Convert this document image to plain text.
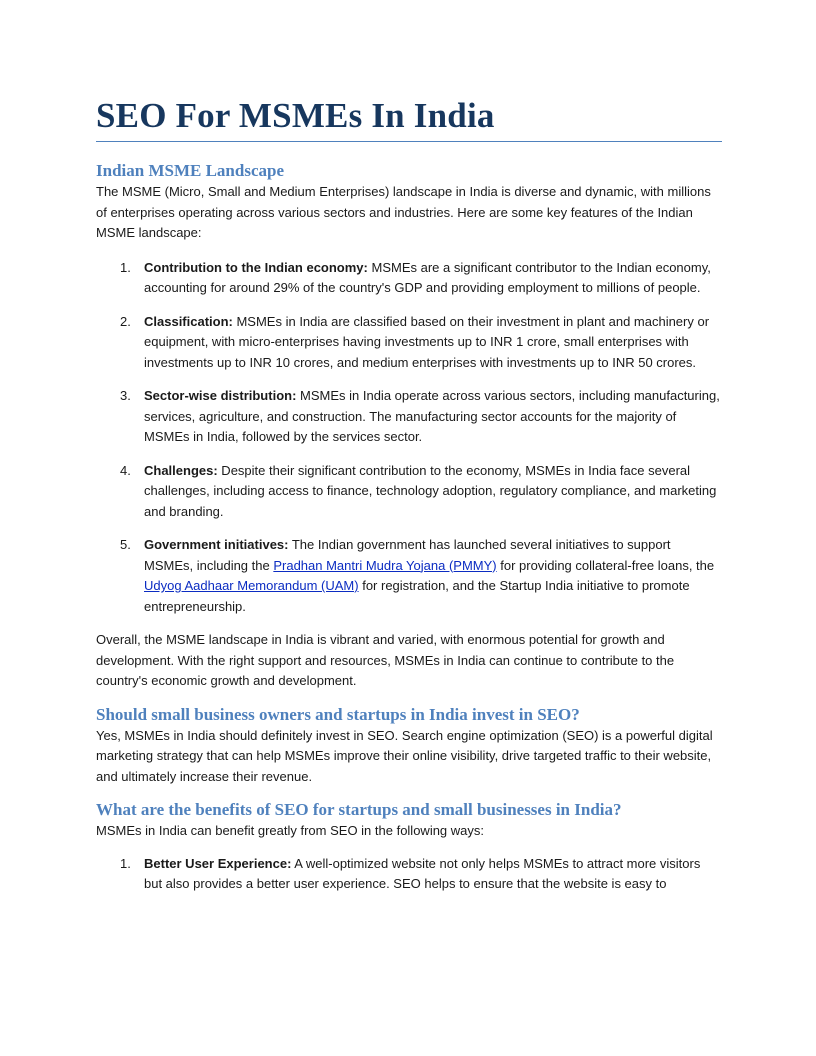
SEO For MSMEs In India
Indian MSME Landscape

The MSME (Micro, Small and Medium Enterprises) landscape in India is diverse and dynamic, with millions of enterprises operating across various sectors and industries. Here are some key features of the Indian MSME landscape:

1. Contribution to the Indian economy: MSMEs are a significant contributor to the Indian economy, accounting for around 29% of the country's GDP and providing employment to millions of people.
2. Classification: MSMEs in India are classified based on their investment in plant and machinery or equipment, with micro-enterprises having investments up to INR 1 crore, small enterprises with investments up to INR 10 crores, and medium enterprises with investments up to INR 50 crores.
3. Sector-wise distribution: MSMEs in India operate across various sectors, including manufacturing, services, agriculture, and construction. The manufacturing sector accounts for the majority of MSMEs in India, followed by the services sector.
4. Challenges: Despite their significant contribution to the economy, MSMEs in India face several challenges, including access to finance, technology adoption, regulatory compliance, and marketing and branding.
5. Government initiatives: The Indian government has launched several initiatives to support MSMEs, including the Pradhan Mantri Mudra Yojana (PMMY) for providing collateral-free loans, the Udyog Aadhaar Memorandum (UAM) for registration, and the Startup India initiative to promote entrepreneurship.

Overall, the MSME landscape in India is vibrant and varied, with enormous potential for growth and development. With the right support and resources, MSMEs in India can continue to contribute to the country's economic growth and development.

Should small business owners and startups in India invest in SEO?

Yes, MSMEs in India should definitely invest in SEO. Search engine optimization (SEO) is a powerful digital marketing strategy that can help MSMEs improve their online visibility, drive targeted traffic to their website, and ultimately increase their revenue.

What are the benefits of SEO for startups and small businesses in India?

MSMEs in India can benefit greatly from SEO in the following ways:

1. Better User Experience: A well-optimized website not only helps MSMEs to attract more visitors but also provides a better user experience. SEO helps to ensure that the website is easy to
